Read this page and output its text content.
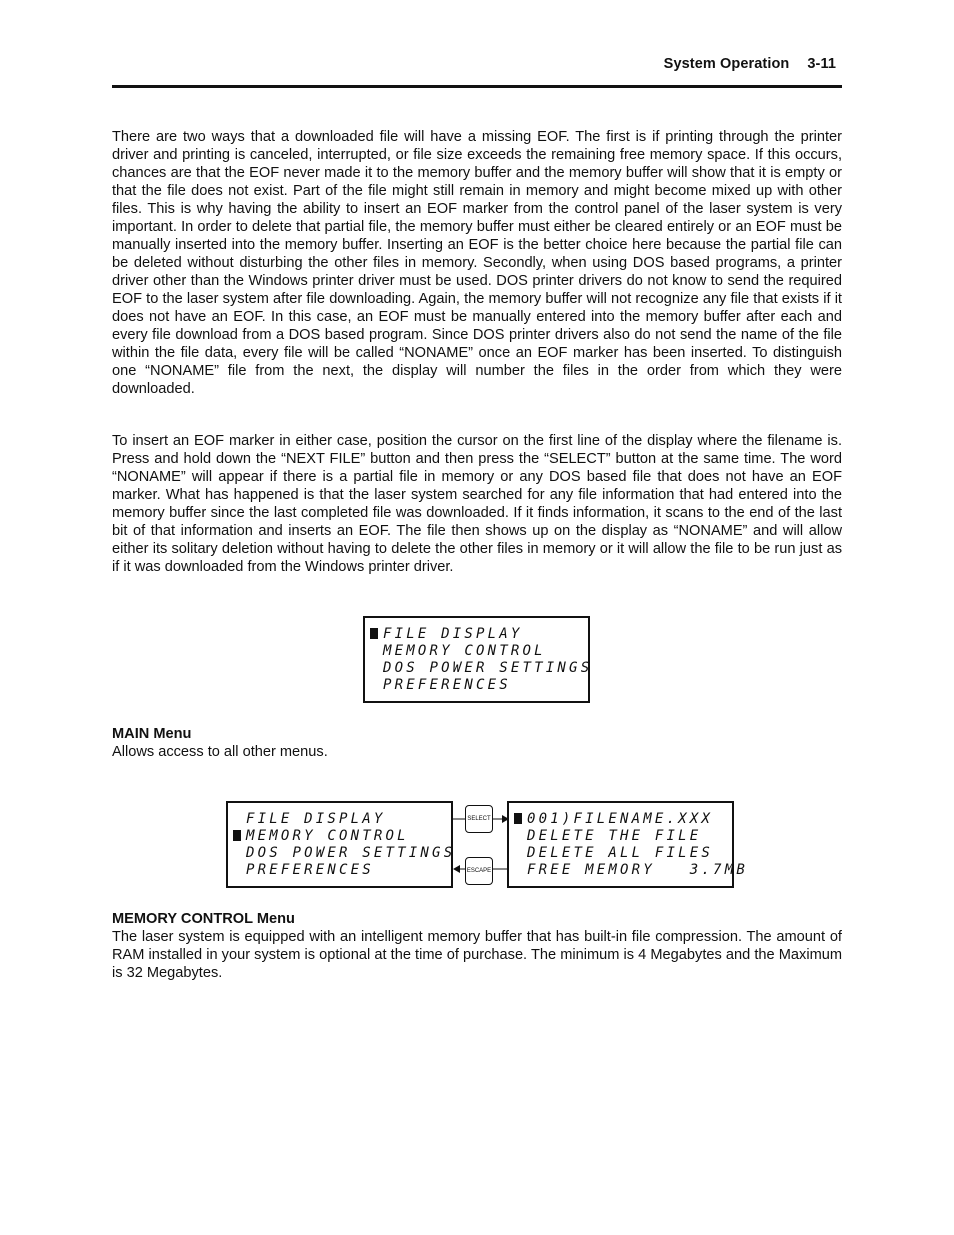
System Operation 3-11

There are two ways that a downloaded file will have a missing EOF. The first is if printing through the printer driver and printing is canceled, interrupted, or file size exceeds the remaining free memory space. If this occurs, chances are that the EOF never made it to the memory buffer and the memory buffer will show that it is empty or that the file does not exist. Part of the file might still remain in memory and might become mixed up with other files. This is why having the ability to insert an EOF marker from the control panel of the laser system is very important. In order to delete that partial file, the memory buffer must either be cleared entirely or an EOF must be manually inserted into the memory buffer. Inserting an EOF is the better choice here because the partial file can be deleted without disturbing the other files in memory. Secondly, when using DOS based programs, a printer driver other than the Windows printer driver must be used. DOS printer drivers do not know to send the required EOF to the laser system after file downloading. Again, the memory buffer will not recognize any file that exists if it does not have an EOF. In this case, an EOF must be manually entered into the memory buffer after each and every file download from a DOS based program. Since DOS printer drivers also do not send the name of the file within the file data, every file will be called “NONAME” once an EOF marker has been inserted. To distinguish one “NONAME” file from the next, the display will number the files in the order from which they were downloaded.

To insert an EOF marker in either case, position the cursor on the first line of the display where the filename is. Press and hold down the “NEXT FILE” button and then press the “SELECT” button at the same time. The word “NONAME” will appear if there is a partial file in memory or any DOS based file that does not have an EOF marker. What has happened is that the laser system searched for any file information that had entered into the memory buffer since the last completed file was downloaded. If it finds information, it scans to the end of the last bit of that information and inserts an EOF. The file then shows up on the display as “NONAME” and will allow either its solitary deletion without having to delete the other files in memory or it will allow the file to be run just as if it was downloaded from the Windows printer driver.

FILE DISPLAY
MEMORY CONTROL
DOS POWER SETTINGS
PREFERENCES
MAIN Menu
Allows access to all other menus.
FILE DISPLAY
MEMORY CONTROL
DOS POWER SETTINGS
PREFERENCES
SELECT
ESCAPE
001)FILENAME.XXX
DELETE THE FILE
DELETE ALL FILES
FREE MEMORY   3.7MB
MEMORY CONTROL Menu

The laser system is equipped with an intelligent memory buffer that has built-in file compression. The amount of RAM installed in your system is optional at the time of purchase. The minimum is 4 Megabytes and the Maximum is 32 Megabytes.
